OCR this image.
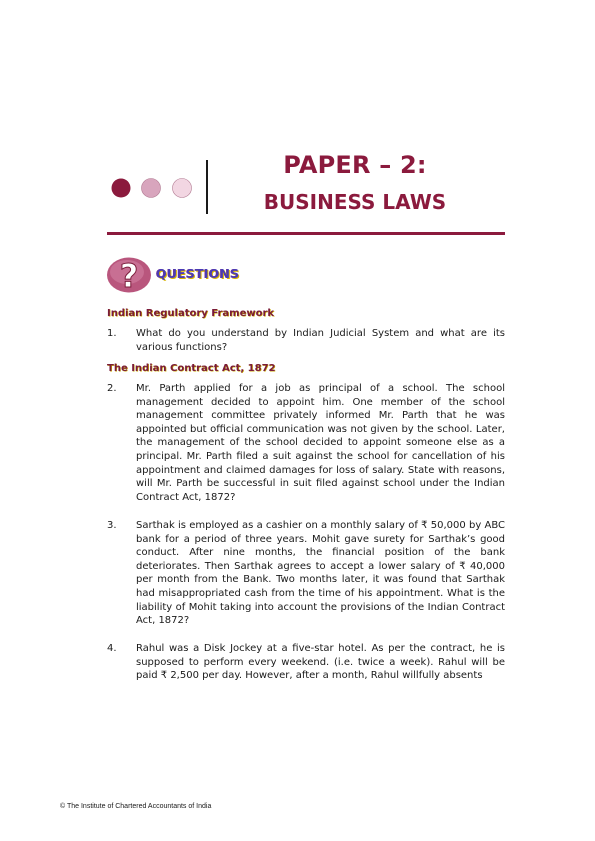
PAPER – 2:
BUSINESS LAWS
? QUESTIONS
Indian Regulatory Framework
1.	What do you understand by Indian Judicial System and what are its various functions?
The Indian Contract Act, 1872
2.	Mr. Parth applied for a job as principal of a school. The school management decided to appoint him. One member of the school management committee privately informed Mr. Parth that he was appointed but official communication was not given by the school. Later, the management of the school decided to appoint someone else as a principal. Mr. Parth filed a suit against the school for cancellation of his appointment and claimed damages for loss of salary. State with reasons, will Mr. Parth be successful in suit filed against school under the Indian Contract Act, 1872?
3.	Sarthak is employed as a cashier on a monthly salary of ₹ 50,000 by ABC bank for a period of three years. Mohit gave surety for Sarthak’s good conduct. After nine months, the financial position of the bank deteriorates. Then Sarthak agrees to accept a lower salary of ₹ 40,000 per month from the Bank. Two months later, it was found that Sarthak had misappropriated cash from the time of his appointment. What is the liability of Mohit taking into account the provisions of the Indian Contract Act, 1872?
4.	Rahul was a Disk Jockey at a five-star hotel. As per the contract, he is supposed to perform every weekend. (i.e. twice a week). Rahul will be paid ₹ 2,500 per day. However, after a month, Rahul willfully absents
© The Institute of Chartered Accountants of India
